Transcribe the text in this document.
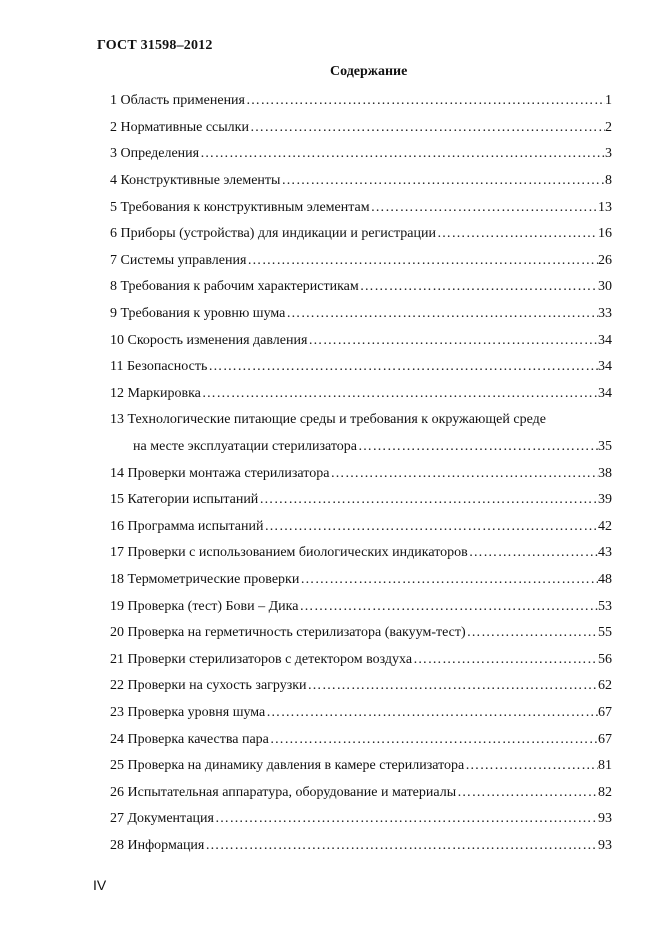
ГОСТ 31598–2012
Содержание
1 Область применения …………………………………………………………………………………………………………………………………………………………	1
2 Нормативные ссылки …………………………………………………………………………………………………………………………………………………………	2
3 Определения …………………………………………………………………………………………………………………………………………………………	3
4 Конструктивные элементы …………………………………………………………………………………………………………………………………………………………	8
5 Требования к конструктивным элементам …………………………………………………………………………………………………………………………………………………………	13
6 Приборы (устройства) для индикации и регистрации …………………………………………………………………………………………………………………………………………………………	16
7 Системы управления …………………………………………………………………………………………………………………………………………………………	26
8 Требования к рабочим характеристикам …………………………………………………………………………………………………………………………………………………………	30
9 Требования к уровню шума …………………………………………………………………………………………………………………………………………………………	33
10 Скорость изменения давления …………………………………………………………………………………………………………………………………………………………	34
11 Безопасность …………………………………………………………………………………………………………………………………………………………	34
12 Маркировка …………………………………………………………………………………………………………………………………………………………	34
13 Технологические питающие среды и требования к окружающей среде
на месте эксплуатации стерилизатора …………………………………………………………………………………………………………………………………………………………	35
14 Проверки монтажа стерилизатора …………………………………………………………………………………………………………………………………………………………	38
15 Категории испытаний …………………………………………………………………………………………………………………………………………………………	39
16 Программа испытаний …………………………………………………………………………………………………………………………………………………………	42
17 Проверки с использованием биологических индикаторов …………………………………………………………………………………………………………………………………………………………	43
18 Термометрические проверки …………………………………………………………………………………………………………………………………………………………	48
19 Проверка (тест) Бови – Дика …………………………………………………………………………………………………………………………………………………………	53
20 Проверка на герметичность стерилизатора (вакуум-тест) …………………………………………………………………………………………………………………………………………………………	55
21 Проверки стерилизаторов с детектором воздуха …………………………………………………………………………………………………………………………………………………………	56
22 Проверки на сухость загрузки …………………………………………………………………………………………………………………………………………………………	62
23 Проверка уровня шума …………………………………………………………………………………………………………………………………………………………	67
24 Проверка качества пара …………………………………………………………………………………………………………………………………………………………	67
25 Проверка на динамику давления в камере стерилизатора …………………………………………………………………………………………………………………………………………………………	81
26 Испытательная аппаратура, оборудование и материалы …………………………………………………………………………………………………………………………………………………………	82
27 Документация …………………………………………………………………………………………………………………………………………………………	93
28 Информация …………………………………………………………………………………………………………………………………………………………	93
IV
